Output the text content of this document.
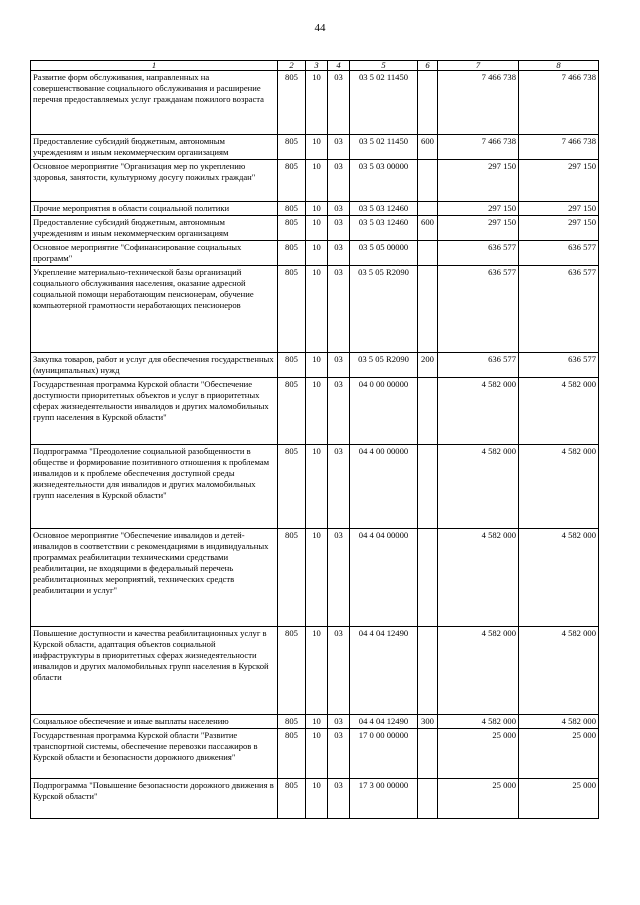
44
1	2	3	4	5	6	7	8
Развитие форм обслуживания, направленных на совершенствование социального обслуживания и расширение перечня предоставляемых услуг гражданам пожилого возраста	805	10	03	03 5 02 11450		7 466 738	7 466 738
Предоставление субсидий бюджетным, автономным учреждениям и иным некоммерческим организациям	805	10	03	03 5 02 11450	600	7 466 738	7 466 738
Основное мероприятие "Организация мер по укреплению здоровья, занятости, культурному досугу пожилых граждан"	805	10	03	03 5 03 00000		297 150	297 150
Прочие мероприятия в области социальной политики	805	10	03	03 5 03 12460		297 150	297 150
Предоставление субсидий бюджетным, автономным учреждениям и иным некоммерческим организациям	805	10	03	03 5 03 12460	600	297 150	297 150
Основное мероприятие "Софинансирование социальных программ"	805	10	03	03 5 05 00000		636 577	636 577
Укрепление материально-технической базы организаций социального обслуживания населения, оказание адресной социальной помощи неработающим пенсионерам, обучение компьютерной грамотности неработающих пенсионеров	805	10	03	03 5 05 R2090		636 577	636 577
Закупка товаров, работ и услуг для обеспечения государственных (муниципальных) нужд	805	10	03	03 5 05 R2090	200	636 577	636 577
Государственная программа Курской области "Обеспечение доступности приоритетных объектов и услуг в приоритетных сферах жизнедеятельности инвалидов и других маломобильных групп населения в Курской области"	805	10	03	04 0 00 00000		4 582 000	4 582 000
Подпрограмма "Преодоление социальной разобщенности в обществе и формирование позитивного отношения к проблемам инвалидов и к проблеме обеспечения доступной среды жизнедеятельности для инвалидов и других маломобильных групп населения в Курской области"	805	10	03	04 4 00 00000		4 582 000	4 582 000
Основное мероприятие "Обеспечение инвалидов и детей-инвалидов в соответствии с рекомендациями в индивидуальных программах реабилитации техническими средствами реабилитации, не входящими в федеральный перечень реабилитационных мероприятий, технических средств реабилитации и услуг"	805	10	03	04 4 04 00000		4 582 000	4 582 000
Повышение доступности и качества реабилитационных услуг в Курской области, адаптация объектов социальной инфраструктуры в приоритетных сферах жизнедеятельности инвалидов и других маломобильных групп населения в Курской области	805	10	03	04 4 04 12490		4 582 000	4 582 000
Социальное обеспечение и иные выплаты населению	805	10	03	04 4 04 12490	300	4 582 000	4 582 000
Государственная программа Курской области "Развитие транспортной системы, обеспечение перевозки пассажиров в Курской области и безопасности дорожного движения"	805	10	03	17 0 00 00000		25 000	25 000
Подпрограмма "Повышение безопасности дорожного движения в Курской области"	805	10	03	17 3 00 00000		25 000	25 000
